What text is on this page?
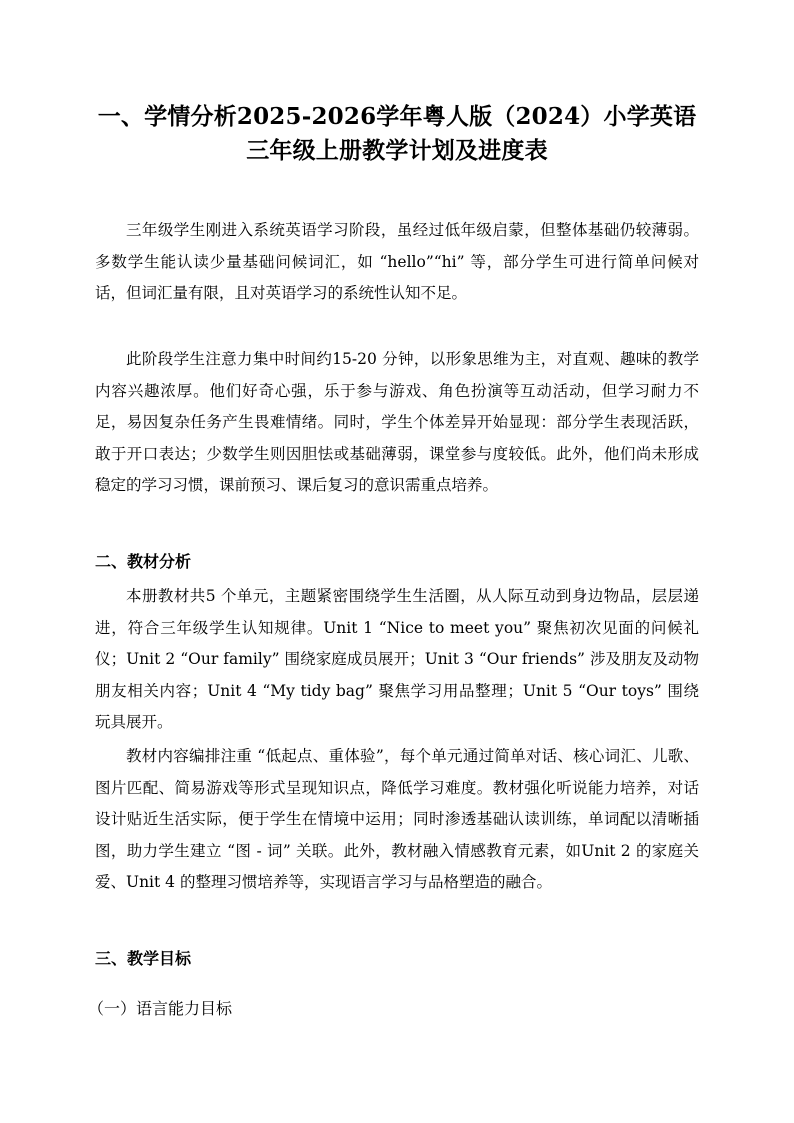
一、学情分析2025-2026学年粤人版（2024）小学英语三年级上册教学计划及进度表

三年级学生刚进入系统英语学习阶段，虽经过低年级启蒙，但整体基础仍较薄弱。多数学生能认读少量基础问候词汇，如 “hello”“hi” 等，部分学生可进行简单问候对话，但词汇量有限，且对英语学习的系统性认知不足。

此阶段学生注意力集中时间约15-20 分钟，以形象思维为主，对直观、趣味的教学内容兴趣浓厚。他们好奇心强，乐于参与游戏、角色扮演等互动活动，但学习耐力不足，易因复杂任务产生畏难情绪。同时，学生个体差异开始显现：部分学生表现活跃，敢于开口表达；少数学生则因胆怯或基础薄弱，课堂参与度较低。此外，他们尚未形成稳定的学习习惯，课前预习、课后复习的意识需重点培养。

二、教材分析

本册教材共5 个单元，主题紧密围绕学生生活圈，从人际互动到身边物品，层层递进，符合三年级学生认知规律。Unit 1 “Nice to meet you” 聚焦初次见面的问候礼仪；Unit 2 “Our family” 围绕家庭成员展开；Unit 3 “Our friends” 涉及朋友及动物朋友相关内容；Unit 4 “My tidy bag” 聚焦学习用品整理；Unit 5 “Our toys” 围绕玩具展开。

教材内容编排注重 “低起点、重体验”，每个单元通过简单对话、核心词汇、儿歌、图片匹配、简易游戏等形式呈现知识点，降低学习难度。教材强化听说能力培养，对话设计贴近生活实际，便于学生在情境中运用；同时渗透基础认读训练，单词配以清晰插图，助力学生建立 “图 - 词” 关联。此外，教材融入情感教育元素，如Unit 2 的家庭关爱、Unit 4 的整理习惯培养等，实现语言学习与品格塑造的融合。

三、教学目标
（一）语言能力目标
